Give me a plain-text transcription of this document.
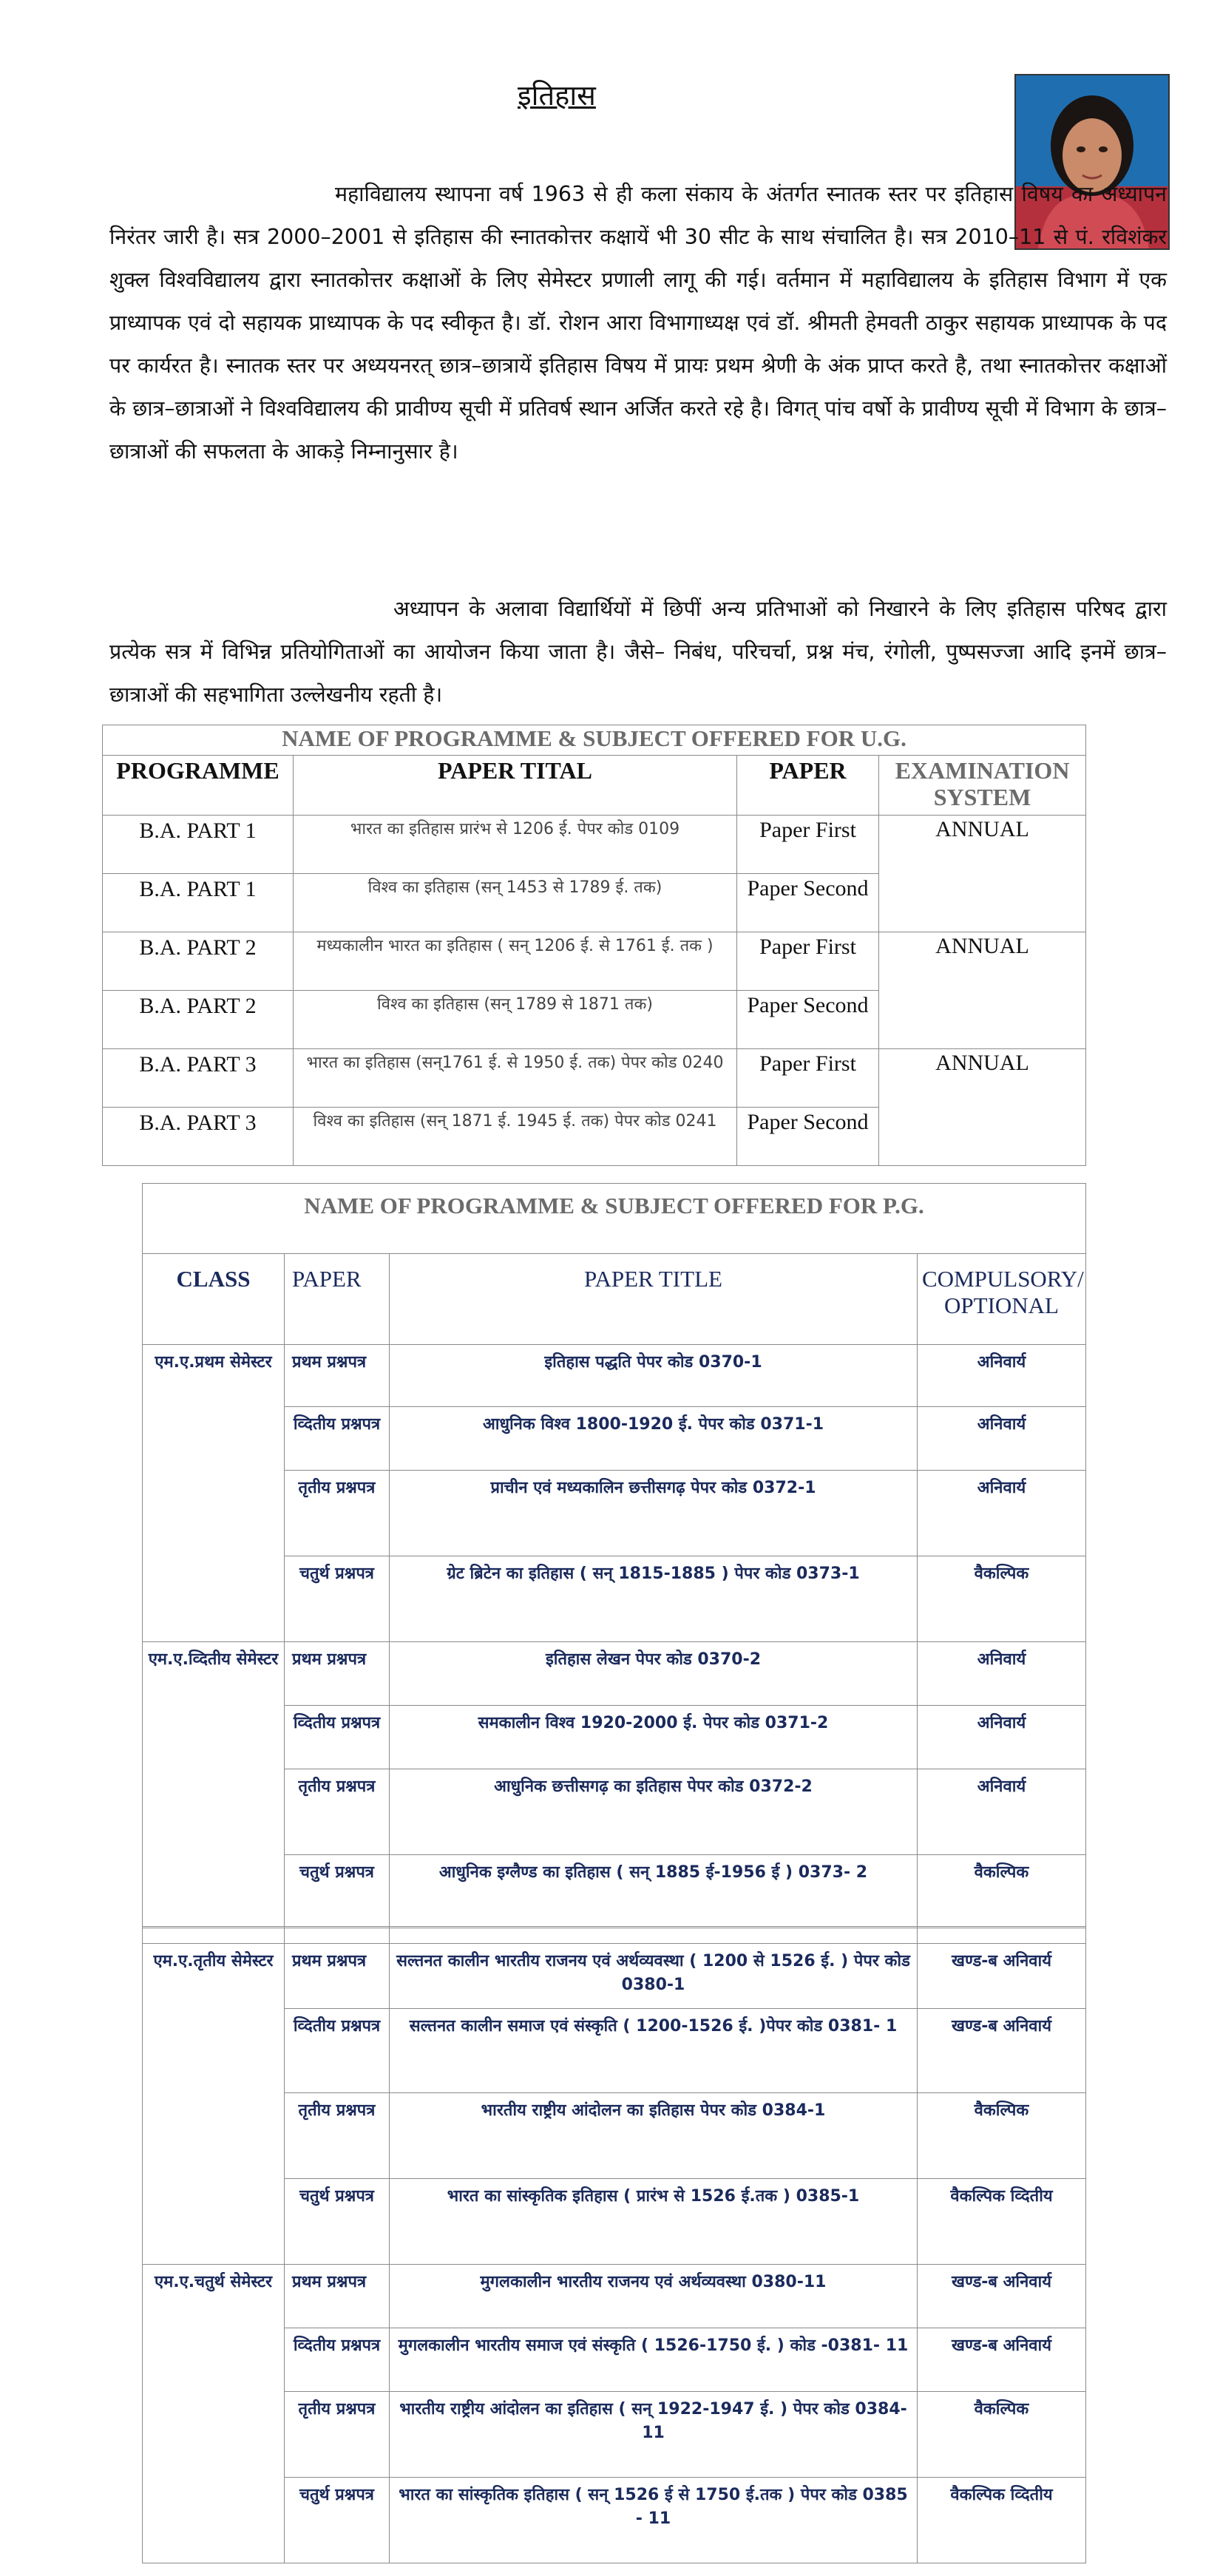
इतिहास

महाविद्यालय स्थापना वर्ष 1963 से ही कला संकाय के अंतर्गत स्नातक स्तर पर इतिहास विषय का अध्यापन निरंतर जारी है। सत्र 2000–2001 से इतिहास की स्नातकोत्तर कक्षायें भी 30 सीट के साथ संचालित है। सत्र 2010–11 से पं. रविशंकर शुक्ल विश्वविद्यालय द्वारा स्नातकोत्तर कक्षाओं के लिए सेमेस्टर प्रणाली लागू की गई। वर्तमान में महाविद्यालय के इतिहास विभाग में एक प्राध्यापक एवं दो सहायक प्राध्यापक के पद स्वीकृत है। डॉ. रोशन आरा विभागाध्यक्ष एवं डॉ. श्रीमती हेमवती ठाकुर सहायक प्राध्यापक के पद पर कार्यरत है। स्नातक स्तर पर अध्ययनरत् छात्र–छात्रायें इतिहास विषय में प्रायः प्रथम श्रेणी के अंक प्राप्त करते है, तथा स्नातकोत्तर कक्षाओं के छात्र–छात्राओं ने विश्वविद्यालय की प्रावीण्य सूची में प्रतिवर्ष स्थान अर्जित करते रहे है। विगत् पांच वर्षो के प्रावीण्य सूची में विभाग के छात्र–छात्राओं की सफलता के आकड़े निम्नानुसार है।

अध्यापन के अलावा विद्यार्थियों में छिपीं अन्य प्रतिभाओं को निखारने के लिए इतिहास परिषद द्वारा प्रत्येक सत्र में विभिन्न प्रतियोगिताओं का आयोजन किया जाता है। जैसे– निबंध, परिचर्चा, प्रश्न मंच, रंगोली, पुष्पसज्जा आदि इनमें छात्र–छात्राओं की सहभागिता उल्लेखनीय रहती है।

NAME OF PROGRAMME & SUBJECT OFFERED FOR U.G.			
PROGRAMME	PAPER TITAL	PAPER	EXAMINATION SYSTEM
B.A. PART 1	भारत का इतिहास प्रारंभ से 1206 ई. पेपर कोड 0109	Paper First	ANNUAL
B.A. PART 1	विश्व का इतिहास (सन् 1453 से 1789 ई. तक)	Paper Second	
B.A. PART 2	मध्यकालीन भारत का इतिहास ( सन् 1206 ई. से 1761 ई. तक )	Paper First	ANNUAL
B.A. PART 2	विश्व का इतिहास (सन् 1789 से 1871 तक)	Paper Second	
B.A. PART 3	भारत का इतिहास (सन्1761 ई. से 1950 ई. तक) पेपर कोड 0240	Paper First	ANNUAL
B.A. PART 3	विश्व का इतिहास (सन् 1871 ई. 1945 ई. तक) पेपर कोड 0241	Paper Second	
NAME OF PROGRAMME & SUBJECT OFFERED FOR P.G.			
CLASS	PAPER	PAPER TITLE	COMPULSORY/ OPTIONAL
एम.ए.प्रथम सेमेस्टर	प्रथम प्रश्नपत्र	इतिहास पद्धति पेपर कोड 0370-1	अनिवार्य
	व्दितीय प्रश्नपत्र	आधुनिक विश्व 1800-1920 ई. पेपर कोड 0371-1	अनिवार्य
	तृतीय प्रश्नपत्र	प्राचीन एवं मध्यकालिन छत्तीसगढ़ पेपर कोड 0372-1	अनिवार्य
	चतुर्थ प्रश्नपत्र	ग्रेट ब्रिटेन का इतिहास ( सन् 1815-1885 ) पेपर कोड 0373-1	वैकल्पिक
एम.ए.व्दितीय सेमेस्टर	प्रथम प्रश्नपत्र	इतिहास लेखन पेपर कोड 0370-2	अनिवार्य
	व्दितीय प्रश्नपत्र	समकालीन विश्व 1920-2000 ई. पेपर कोड 0371-2	अनिवार्य
	तृतीय प्रश्नपत्र	आधुनिक छत्तीसगढ़ का इतिहास पेपर कोड 0372-2	अनिवार्य
	चतुर्थ प्रश्नपत्र	आधुनिक इग्लैण्ड का इतिहास ( सन् 1885 ई-1956 ई ) 0373- 2	वैकल्पिक
एम.ए.तृतीय सेमेस्टर	प्रथम प्रश्नपत्र	सल्तनत कालीन भारतीय राजनय एवं अर्थव्यवस्था ( 1200 से 1526 ई. ) पेपर कोड 0380-1	खण्ड-ब अनिवार्य
	व्दितीय प्रश्नपत्र	सल्तनत कालीन समाज एवं संस्कृति ( 1200-1526 ई. )पेपर कोड 0381- 1	खण्ड-ब अनिवार्य
	तृतीय प्रश्नपत्र	भारतीय राष्ट्रीय आंदोलन का इतिहास पेपर कोड 0384-1	वैकल्पिक
	चतुर्थ प्रश्नपत्र	भारत का सांस्कृतिक इतिहास ( प्रारंभ से 1526 ई.तक ) 0385-1	वैकल्पिक व्दितीय
एम.ए.चतुर्थ सेमेस्टर	प्रथम प्रश्नपत्र	मुगलकालीन भारतीय राजनय एवं अर्थव्यवस्था 0380-11	खण्ड-ब अनिवार्य
	व्दितीय प्रश्नपत्र	मुगलकालीन भारतीय समाज एवं संस्कृति ( 1526-1750 ई. ) कोड -0381- 11	खण्ड-ब अनिवार्य
	तृतीय प्रश्नपत्र	भारतीय राष्ट्रीय आंदोलन का इतिहास ( सन् 1922-1947 ई. ) पेपर कोड 0384-11	वैकल्पिक
	चतुर्थ प्रश्नपत्र	भारत का सांस्कृतिक इतिहास ( सन् 1526 ई से 1750 ई.तक ) पेपर कोड 0385 - 11	वैकल्पिक व्दितीय
